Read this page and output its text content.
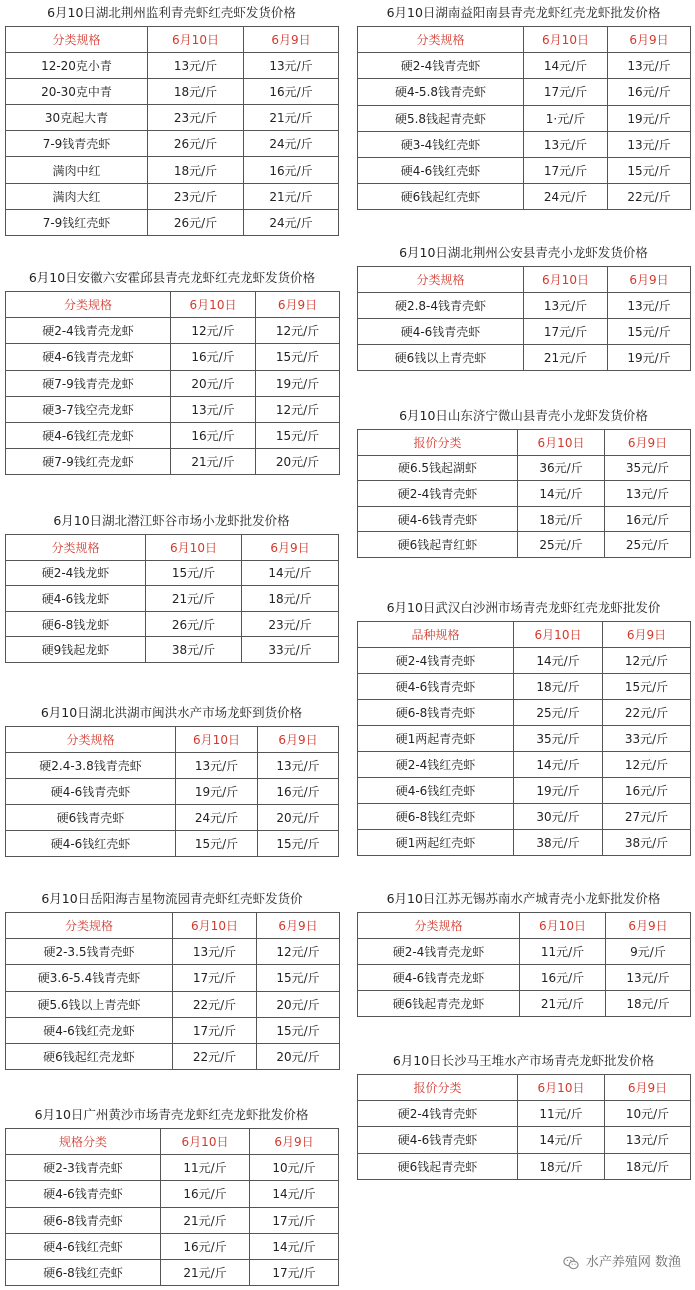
6月10日湖北荆州监利青壳虾红壳虾发货价格
分类规格	6月10日	6月9日
12-20克小青	13元/斤	13元/斤
20-30克中青	18元/斤	16元/斤
30克起大青	23元/斤	21元/斤
7-9钱青壳虾	26元/斤	24元/斤
满肉中红	18元/斤	16元/斤
满肉大红	23元/斤	21元/斤
7-9钱红壳虾	26元/斤	24元/斤
6月10日安徽六安霍邱县青壳龙虾红壳龙虾发货价格
分类规格	6月10日	6月9日
硬2-4钱青壳龙虾	12元/斤	12元/斤
硬4-6钱青壳龙虾	16元/斤	15元/斤
硬7-9钱青壳龙虾	20元/斤	19元/斤
硬3-7钱空壳龙虾	13元/斤	12元/斤
硬4-6钱红壳龙虾	16元/斤	15元/斤
硬7-9钱红壳龙虾	21元/斤	20元/斤
6月10日湖北潜江虾谷市场小龙虾批发价格
分类规格	6月10日	6月9日
硬2-4钱龙虾	15元/斤	14元/斤
硬4-6钱龙虾	21元/斤	18元/斤
硬6-8钱龙虾	26元/斤	23元/斤
硬9钱起龙虾	38元/斤	33元/斤
6月10日湖北洪湖市闽洪水产市场龙虾到货价格
分类规格	6月10日	6月9日
硬2.4-3.8钱青壳虾	13元/斤	13元/斤
硬4-6钱青壳虾	19元/斤	16元/斤
硬6钱青壳虾	24元/斤	20元/斤
硬4-6钱红壳虾	15元/斤	15元/斤
6月10日岳阳海吉星物流园青壳虾红壳虾发货价
分类规格	6月10日	6月9日
硬2-3.5钱青壳虾	13元/斤	12元/斤
硬3.6-5.4钱青壳虾	17元/斤	15元/斤
硬5.6钱以上青壳虾	22元/斤	20元/斤
硬4-6钱红壳龙虾	17元/斤	15元/斤
硬6钱起红壳龙虾	22元/斤	20元/斤
6月10日广州黄沙市场青壳龙虾红壳龙虾批发价格
规格分类	6月10日	6月9日
硬2-3钱青壳虾	11元/斤	10元/斤
硬4-6钱青壳虾	16元/斤	14元/斤
硬6-8钱青壳虾	21元/斤	17元/斤
硬4-6钱红壳虾	16元/斤	14元/斤
硬6-8钱红壳虾	21元/斤	17元/斤
6月10日湖南益阳南县青壳龙虾红壳龙虾批发价格
分类规格	6月10日	6月9日
硬2-4钱青壳虾	14元/斤	13元/斤
硬4-5.8钱青壳虾	17元/斤	16元/斤
硬5.8钱起青壳虾	1·元/斤	19元/斤
硬3-4钱红壳虾	13元/斤	13元/斤
硬4-6钱红壳虾	17元/斤	15元/斤
硬6钱起红壳虾	24元/斤	22元/斤
6月10日湖北荆州公安县青壳小龙虾发货价格
分类规格	6月10日	6月9日
硬2.8-4钱青壳虾	13元/斤	13元/斤
硬4-6钱青壳虾	17元/斤	15元/斤
硬6钱以上青壳虾	21元/斤	19元/斤
6月10日山东济宁微山县青壳小龙虾发货价格
报价分类	6月10日	6月9日
硬6.5钱起湖虾	36元/斤	35元/斤
硬2-4钱青壳虾	14元/斤	13元/斤
硬4-6钱青壳虾	18元/斤	16元/斤
硬6钱起青红虾	25元/斤	25元/斤
6月10日武汉白沙洲市场青壳龙虾红壳龙虾批发价
品种规格	6月10日	6月9日
硬2-4钱青壳虾	14元/斤	12元/斤
硬4-6钱青壳虾	18元/斤	15元/斤
硬6-8钱青壳虾	25元/斤	22元/斤
硬1两起青壳虾	35元/斤	33元/斤
硬2-4钱红壳虾	14元/斤	12元/斤
硬4-6钱红壳虾	19元/斤	16元/斤
硬6-8钱红壳虾	30元/斤	27元/斤
硬1两起红壳虾	38元/斤	38元/斤
6月10日江苏无锡苏南水产城青壳小龙虾批发价格
分类规格	6月10日	6月9日
硬2-4钱青壳龙虾	11元/斤	9元/斤
硬4-6钱青壳龙虾	16元/斤	13元/斤
硬6钱起青壳龙虾	21元/斤	18元/斤
6月10日长沙马王堆水产市场青壳龙虾批发价格
报价分类	6月10日	6月9日
硬2-4钱青壳虾	11元/斤	10元/斤
硬4-6钱青壳虾	14元/斤	13元/斤
硬6钱起青壳虾	18元/斤	18元/斤
水产养殖网 数渔
